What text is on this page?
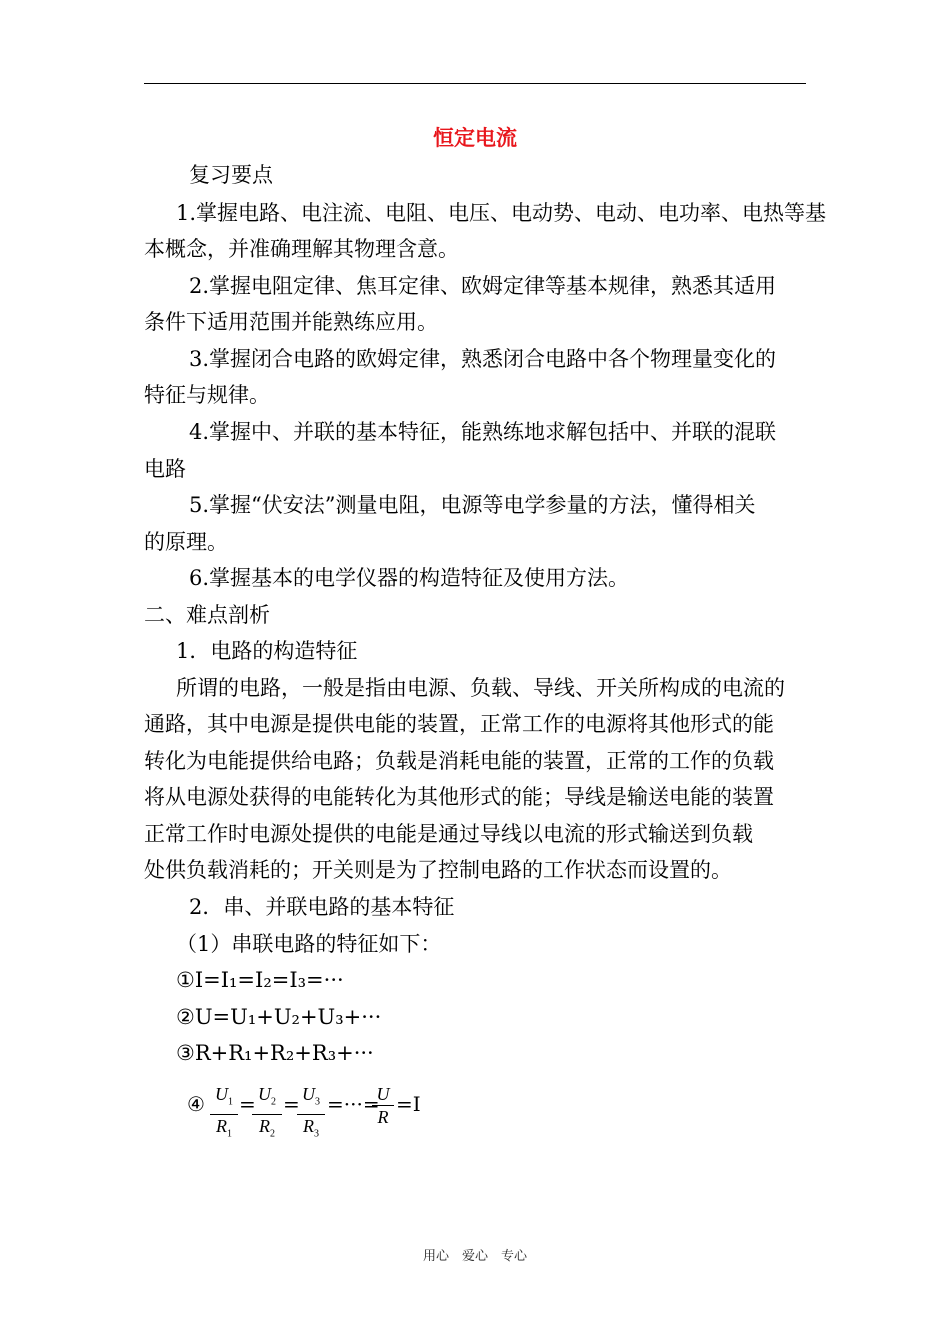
恒定电流
复习要点
1.掌握电路、电注流、电阻、电压、电动势、电动、电功率、电热等基
本概念，并准确理解其物理含意。
2.掌握电阻定律、焦耳定律、欧姆定律等基本规律，熟悉其适用
条件下适用范围并能熟练应用。
3.掌握闭合电路的欧姆定律，熟悉闭合电路中各个物理量变化的
特征与规律。
4.掌握中、并联的基本特征，能熟练地求解包括中、并联的混联
电路
5.掌握“伏安法”测量电阻，电源等电学参量的方法，懂得相关
的原理。
6.掌握基本的电学仪器的构造特征及使用方法。
二、难点剖析
1．电路的构造特征
所谓的电路，一般是指由电源、负载、导线、开关所构成的电流的
通路，其中电源是提供电能的装置，正常工作的电源将其他形式的能
转化为电能提供给电路；负载是消耗电能的装置，正常的工作的负载
将从电源处获得的电能转化为其他形式的能；导线是输送电能的装置
正常工作时电源处提供的电能是通过导线以电流的形式输送到负载
处供负载消耗的；开关则是为了控制电路的工作状态而设置的。
2．串、并联电路的基本特征
（1）串联电路的特征如下：
①I=I₁=I₂=I₃=···
②U=U₁+U₂+U₃+···
③R+R₁+R₂+R₃+···
④ $U_1$
$R_1$
= $U_2$
$R_2$
= $U_3$
$R_3$
=···=
U
R
=I
用心　爱心　专心
